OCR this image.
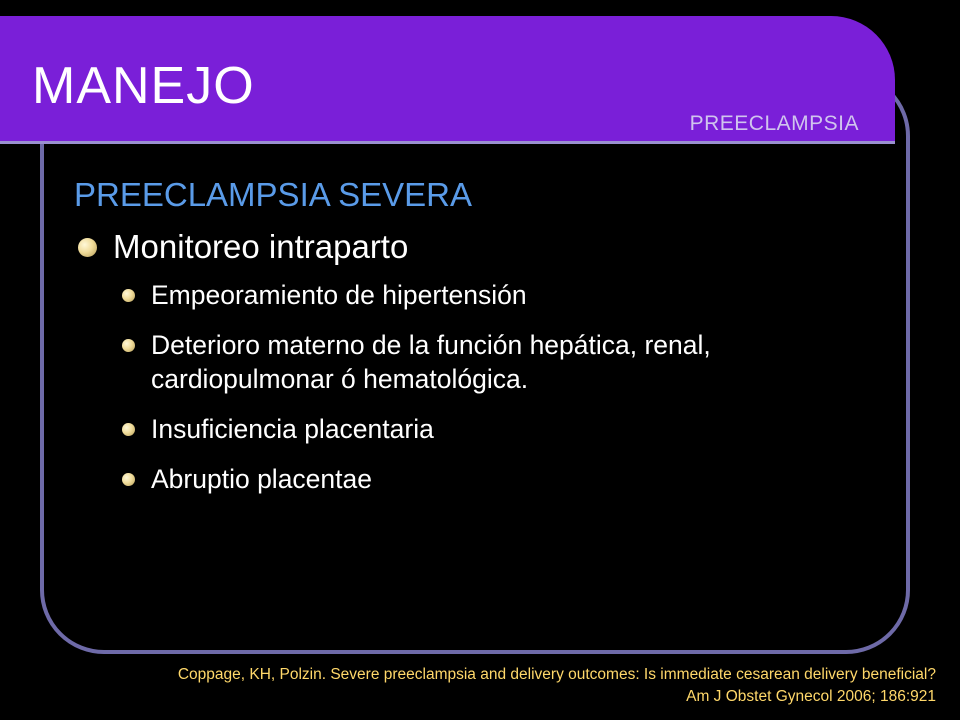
MANEJO
PREECLAMPSIA
PREECLAMPSIA SEVERA
Monitoreo intraparto
Empeoramiento de hipertensión
Deterioro materno de la función hepática, renal, cardiopulmonar ó hematológica.
Insuficiencia placentaria
Abruptio placentae
Coppage, KH, Polzin. Severe preeclampsia and delivery outcomes: Is immediate cesarean delivery beneficial?
Am J Obstet Gynecol 2006; 186:921
